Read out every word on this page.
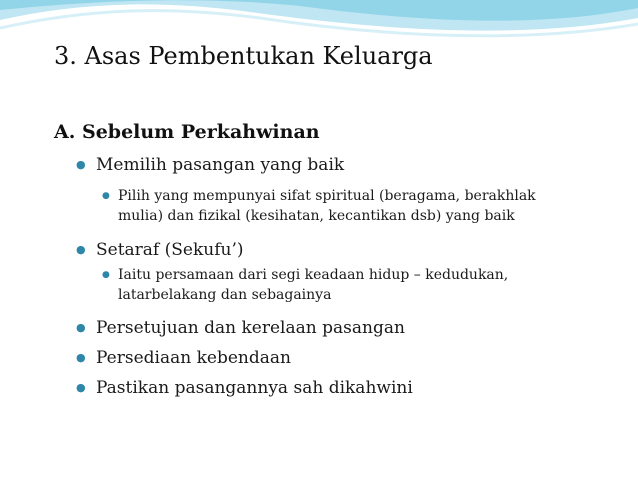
3. Asas Pembentukan Keluarga
A. Sebelum Perkahwinan
● Memilih pasangan yang baik
● Pilih yang mempunyai sifat spiritual (beragama, berakhlak mulia) dan fizikal (kesihatan, kecantikan dsb) yang baik
● Setaraf (Sekufu’)
● Iaitu persamaan dari segi keadaan hidup – kedudukan, latarbelakang dan sebagainya
● Persetujuan dan kerelaan pasangan
● Persediaan kebendaan
● Pastikan pasangannya sah dikahwini
